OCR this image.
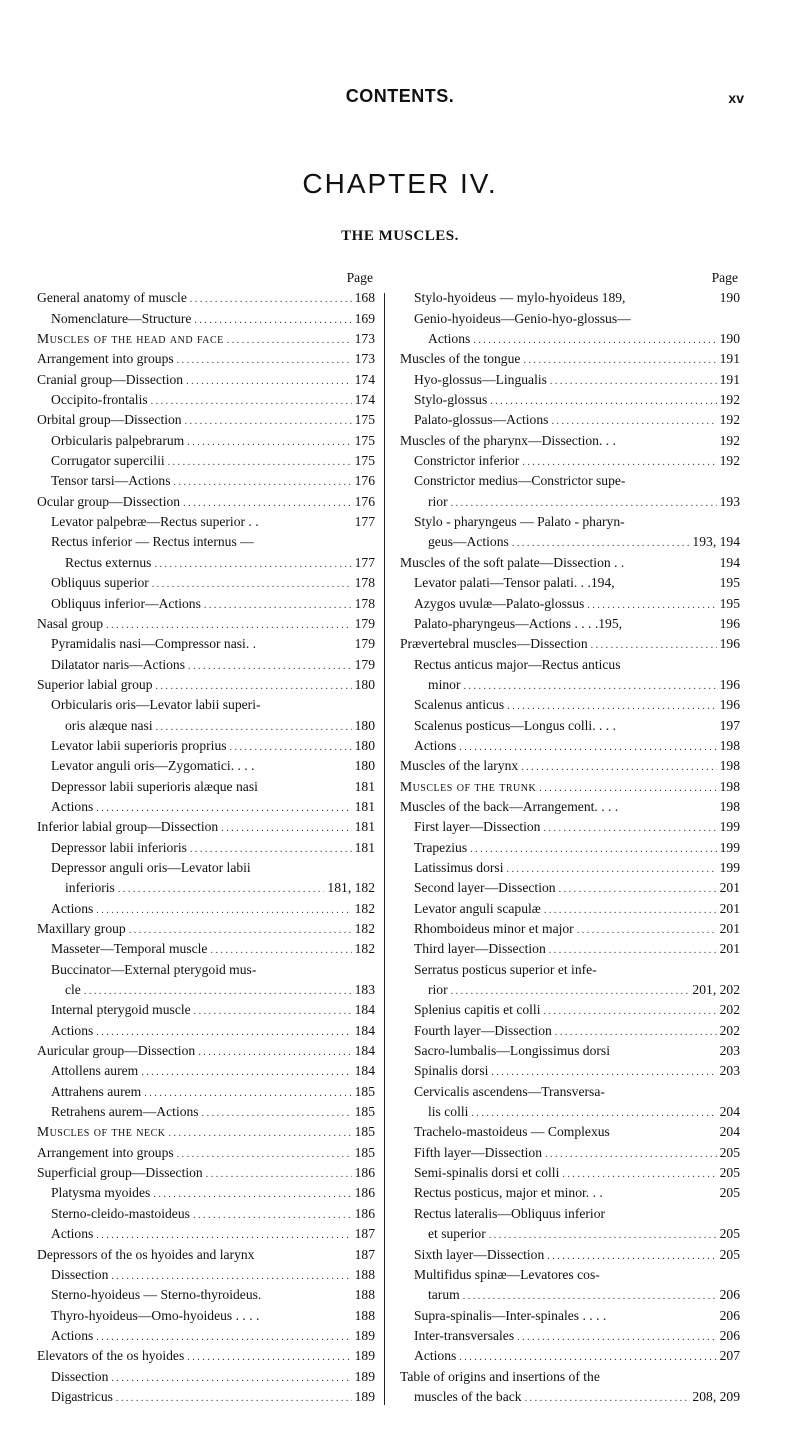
CONTENTS.	xv
CHAPTER IV.
THE MUSCLES.
Page
General anatomy of muscle . . .	168
Nomenclature—Structure . . .	169
Muscles of the head and face . . .	173
Arrangement into groups . . .	173
Cranial group—Dissection . . .	174
Occipito-frontalis . . .	174
Orbital group—Dissection . . .	175
Orbicularis palpebrarum . . .	175
Corrugator supercilii . . .	175
Tensor tarsi—Actions . . .	176
Ocular group—Dissection . . .	176
Levator palpebræ—Rectus superior . .	177
Rectus inferior — Rectus internus —
Rectus externus . . .	177
Obliquus superior . . .	178
Obliquus inferior—Actions . . .	178
Nasal group . . .	179
Pyramidalis nasi—Compressor nasi. .	179
Dilatator naris—Actions . . .	179
Superior labial group . . .	180
Orbicularis oris—Levator labii superi-
oris alæque nasi . . .	180
Levator labii superioris proprius . . .	180
Levator anguli oris—Zygomatici. . . .	180
Depressor labii superioris alæque nasi	181
Actions . . .	181
Inferior labial group—Dissection . . .	181
Depressor labii inferioris . . .	181
Depressor anguli oris—Levator labii
inferioris . . .	181, 182
Actions . . .	182
Maxillary group . . .	182
Masseter—Temporal muscle . . .	182
Buccinator—External pterygoid mus-
cle . . .	183
Internal pterygoid muscle . . .	184
Actions . . .	184
Auricular group—Dissection . . .	184
Attollens aurem . . .	184
Attrahens aurem . . .	185
Retrahens aurem—Actions . . .	185
Muscles of the neck . . .	185
Arrangement into groups . . .	185
Superficial group—Dissection . . .	186
Platysma myoides . . .	186
Sterno-cleido-mastoideus . . .	186
Actions . . .	187
Depressors of the os hyoides and larynx	187
Dissection . . .	188
Sterno-hyoideus — Sterno-thyroideus.	188
Thyro-hyoideus—Omo-hyoideus . . . .	188
Actions . . .	189
Elevators of the os hyoides . . .	189
Dissection . . .	189
Digastricus . . .	189
Page
Stylo-hyoideus — mylo-hyoideus 189,	190
Genio-hyoideus—Genio-hyo-glossus—
Actions . . .	190
Muscles of the tongue . . .	191
Hyo-glossus—Lingualis . . .	191
Stylo-glossus . . .	192
Palato-glossus—Actions . . .	192
Muscles of the pharynx—Dissection. . .	192
Constrictor inferior . . .	192
Constrictor medius—Constrictor supe-
rior . . .	193
Stylo - pharyngeus — Palato - pharyn-
geus—Actions . . .	193, 194
Muscles of the soft palate—Dissection . .	194
Levator palati—Tensor palati. . .194,	195
Azygos uvulæ—Palato-glossus . . .	195
Palato-pharyngeus—Actions . . . .195,	196
Prævertebral muscles—Dissection . . .	196
Rectus anticus major—Rectus anticus
minor . . .	196
Scalenus anticus . . .	196
Scalenus posticus—Longus colli. . . .	197
Actions . . .	198
Muscles of the larynx . . .	198
Muscles of the trunk . . .	198
Muscles of the back—Arrangement. . . .	198
First layer—Dissection . . .	199
Trapezius . . .	199
Latissimus dorsi . . .	199
Second layer—Dissection . . .	201
Levator anguli scapulæ . . .	201
Rhomboideus minor et major . . .	201
Third layer—Dissection . . .	201
Serratus posticus superior et infe-
rior . . .	201, 202
Splenius capitis et colli . . .	202
Fourth layer—Dissection . . .	202
Sacro-lumbalis—Longissimus dorsi	203
Spinalis dorsi . . .	203
Cervicalis ascendens—Transversa-
lis colli . . .	204
Trachelo-mastoideus — Complexus	204
Fifth layer—Dissection . . .	205
Semi-spinalis dorsi et colli . . .	205
Rectus posticus, major et minor. . .	205
Rectus lateralis—Obliquus inferior
et superior . . .	205
Sixth layer—Dissection . . .	205
Multifidus spinæ—Levatores cos-
tarum . . .	206
Supra-spinalis—Inter-spinales . . . .	206
Inter-transversales . . .	206
Actions . . .	207
Table of origins and insertions of the
muscles of the back . . .	208, 209
